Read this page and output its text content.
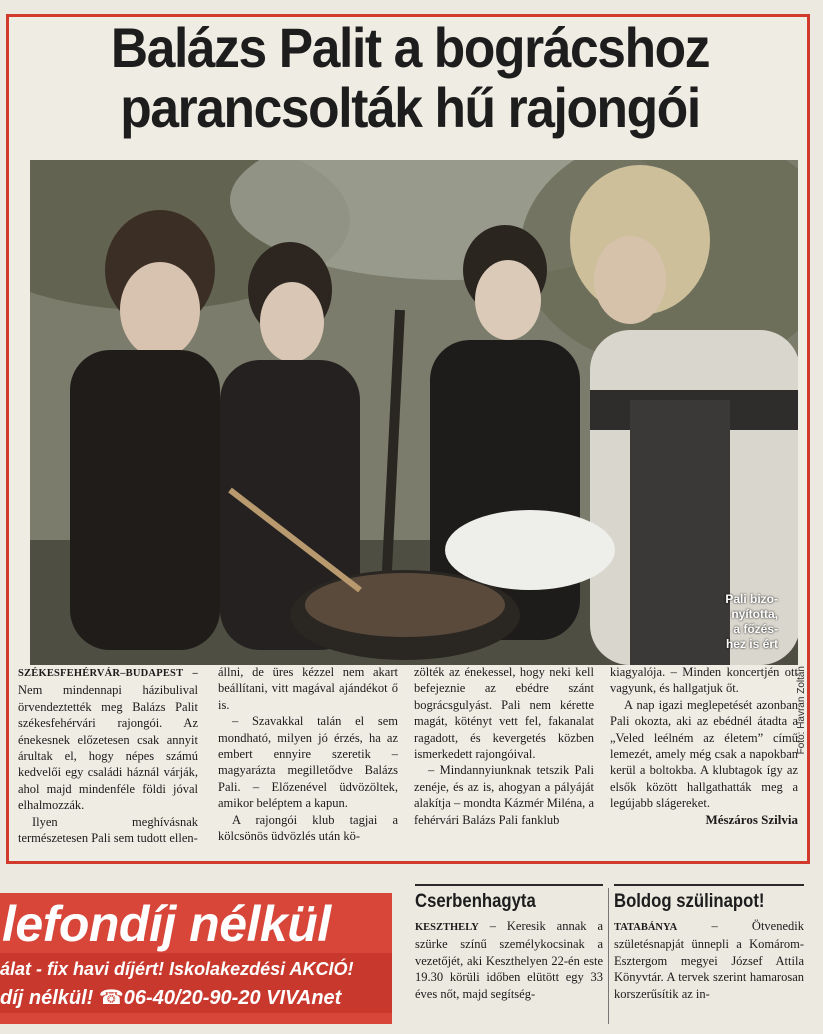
Balázs Palit a bográcshoz
parancsolták hű rajongói
Pali bizo-
nyította,
a főzés-
hez is ért
Fotó: Havran Zoltán

SZÉKESFEHÉRVÁR–BUDAPEST – Nem mindennapi házibulival örvendeztették meg Balázs Palit székesfehérvári rajongói. Az énekesnek előzetesen csak annyit árultak el, hogy népes számú kedvelői egy családi háznál várják, ahol majd mindenféle földi jóval elhalmozzák.

Ilyen meghívásnak természetesen Pali sem tudott ellen-

állni, de üres kézzel nem akart beállítani, vitt magával ajándékot ő is.

– Szavakkal talán el sem mondható, milyen jó érzés, ha az embert ennyire szeretik – magyarázta megilletődve Balázs Pali. – Előzenével üdvözöltek, amikor beléptem a kapun.

A rajongói klub tagjai a kölcsönös üdvözlés után kö-

zölték az énekessel, hogy neki kell befejeznie az ebédre szánt bográcsgulyást. Pali nem kérette magát, kötényt vett fel, fakanalat ragadott, és kevergetés közben ismerkedett rajongóival.

– Mindannyiunknak tetszik Pali zenéje, és az is, ahogyan a pályáját alakítja – mondta Kázmér Miléna, a fehérvári Balázs Pali fanklub

kiagyalója. – Minden koncertjén ott vagyunk, és hallgatjuk őt.

A nap igazi meglepetését azonban Pali okozta, aki az ebédnél átadta a „Veled leélném az életem” című lemezét, amely még csak a napokban kerül a boltokba. A klubtagok így az elsők között hallgathatták meg a legújabb slágereket.

Mészáros Szilvia

lefondíj nélkül
álat - fix havi díjért! Iskolakezdési AKCIÓ!
díj nélkül! ☎06-40/20-90-20 VIVAnet
Cserbenhagyta

KESZTHELY – Keresik annak a szürke színű személykocsinak a vezetőjét, aki Keszthelyen 22-én este 19.30 körüli időben elütött egy 33 éves nőt, majd segítség-

Boldog szülinapot!

TATABÁNYA – Ötvenedik születésnapját ünnepli a Komárom-Esztergom megyei József Attila Könyvtár. A tervek szerint hamarosan korszerűsítik az in-
